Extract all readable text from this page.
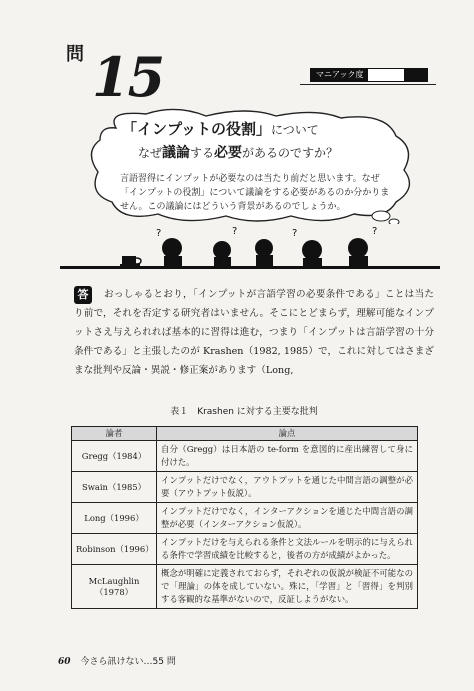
問 15	マニアック度
「インプットの役割」について
なぜ議論する必要があるのですか？
言語習得にインプットが必要なのは当たり前だと思います。なぜ「インプットの役割」について議論をする必要があるのか分かりません。この議論にはどういう背景があるのでしょうか。
?	?	?	?
答	おっしゃるとおり，「インプットが言語学習の必要条件である」ことは当たり前で，それを否定する研究者はいません。そこにとどまらず，理解可能なインプットさえ与えられれば基本的に習得は進む，つまり「インプットは言語学習の十分条件である」と主張したのが Krashen（1982, 1985）で，これに対してはさまざまな批判や反論・異説・修正案があります（Long,
表１　Krashen に対する主要な批判
論者	論点
Gregg（1984）	自分（Gregg）は日本語の te-form を意図的に産出練習して身に付けた。
Swain（1985）	インプットだけでなく，アウトプットを通じた中間言語の調整が必要（アウトプット仮説）。
Long（1996）	インプットだけでなく，インターアクションを通じた中間言語の調整が必要（インターアクション仮説）。
Robinson（1996）	インプットだけを与えられる条件と文法ルールを明示的に与えられる条件で学習成績を比較すると，後者の方が成績がよかった。
McLaughlin（1978）	概念が明確に定義されておらず，それぞれの仮説が検証不可能なので「理論」の体を成していない。殊に，「学習」と「習得」を判別する客観的な基準がないので，反証しようがない。
60 今さら訊けない…55 問
